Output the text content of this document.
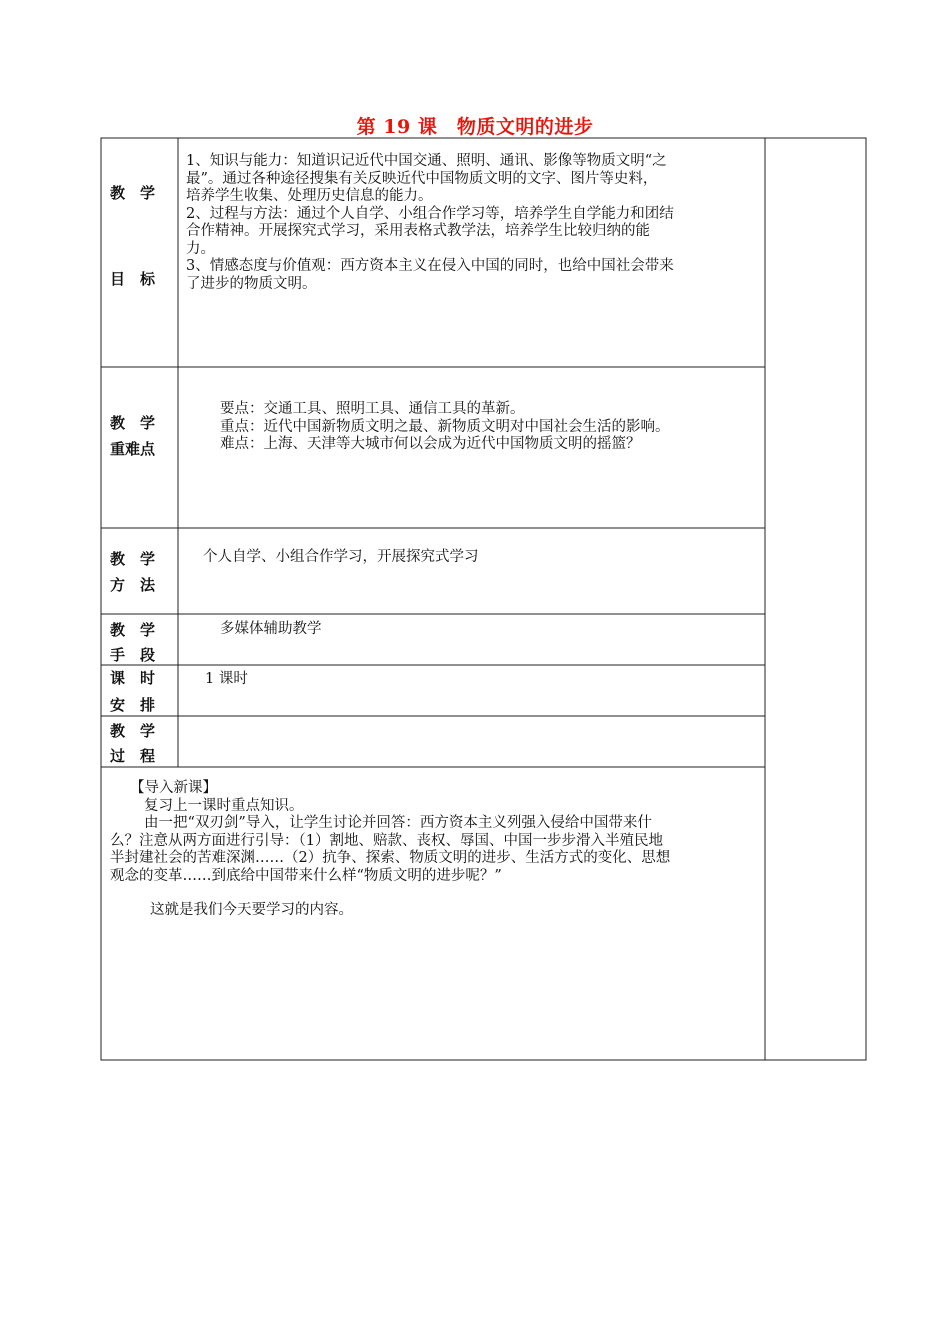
第 19 课　物质文明的进步
教　学
目　标
1、知识与能力：知道识记近代中国交通、照明、通讯、影像等物质文明“之
最”。通过各种途径搜集有关反映近代中国物质文明的文字、图片等史料，
培养学生收集、处理历史信息的能力。
2、过程与方法：通过个人自学、小组合作学习等，培养学生自学能力和团结
合作精神。开展探究式学习，采用表格式教学法，培养学生比较归纳的能
力。
3、情感态度与价值观：西方资本主义在侵入中国的同时，也给中国社会带来
了进步的物质文明。
教　学
重难点
要点：交通工具、照明工具、通信工具的革新。
重点：近代中国新物质文明之最、新物质文明对中国社会生活的影响。
难点：上海、天津等大城市何以会成为近代中国物质文明的摇篮？
教　学
方　法
个人自学、小组合作学习，开展探究式学习
教　学
手　段
多媒体辅助教学
课　时
安　排
1 课时
教　学
过　程
【导入新课】
复习上一课时重点知识。
由一把“双刃剑”导入，让学生讨论并回答：西方资本主义列强入侵给中国带来什
么？注意从两方面进行引导：（1）割地、赔款、丧权、辱国、中国一步步滑入半殖民地
半封建社会的苦难深渊……（2）抗争、探索、物质文明的进步、生活方式的变化、思想
观念的变革……到底给中国带来什么样“物质文明的进步呢？”
这就是我们今天要学习的内容。
